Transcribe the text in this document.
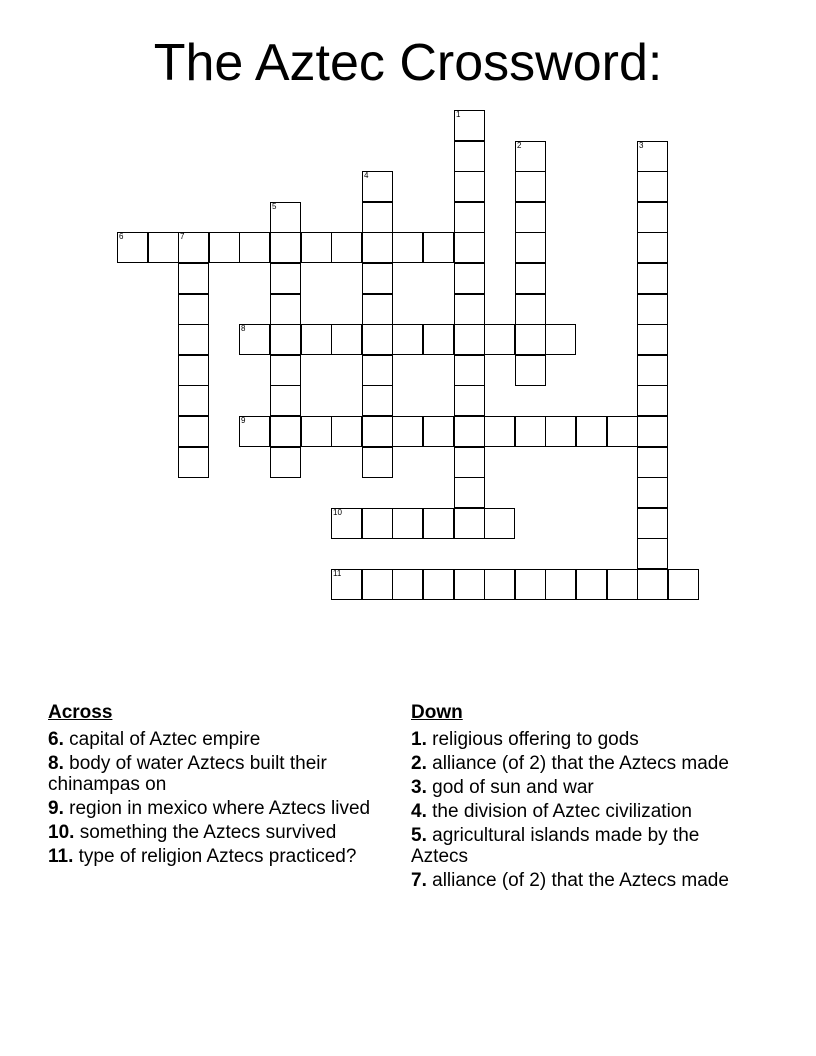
The Aztec Crossword:
1
2	3
4
5
6	7
8
9
10
11
Across
6. capital of Aztec empire
8. body of water Aztecs built their chinampas on
9. region in mexico where Aztecs lived
10. something the Aztecs survived
11. type of religion Aztecs practiced?
Down
1. religious offering to gods
2. alliance (of 2) that the Aztecs made
3. god of sun and war
4. the division of Aztec civilization
5. agricultural islands made by the Aztecs
7. alliance (of 2) that the Aztecs made
